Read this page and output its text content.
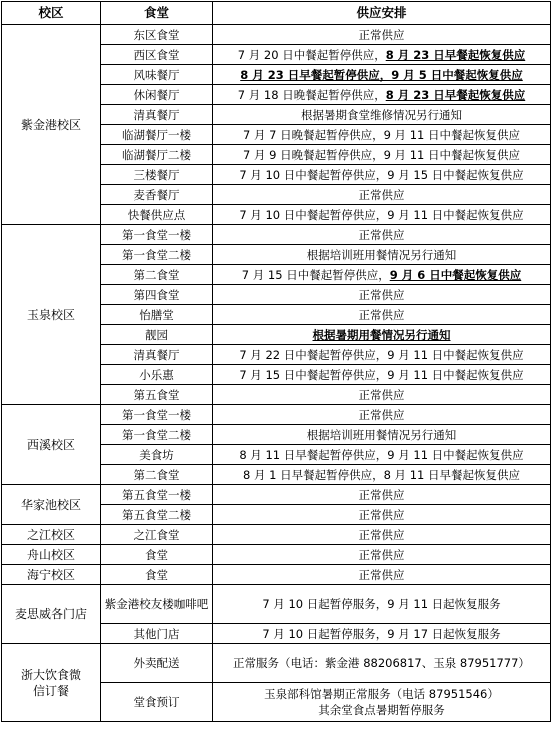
校区	食堂	供应安排
紫金港校区	东区食堂	正常供应
	西区食堂	7 月 20 日中餐起暂停供应，8 月 23 日早餐起恢复供应
	风味餐厅	8 月 23 日早餐起暂停供应，9 月 5 日中餐起恢复供应
	休闲餐厅	7 月 18 日晚餐起暂停供应，8 月 23 日早餐起恢复供应
	清真餐厅	根据暑期食堂维修情况另行通知
	临湖餐厅一楼	7 月 7 日晚餐起暂停供应，9 月 11 日中餐起恢复供应
	临湖餐厅二楼	7 月 9 日晚餐起暂停供应，9 月 11 日中餐起恢复供应
	三楼餐厅	7 月 10 日中餐起暂停供应，9 月 15 日中餐起恢复供应
	麦香餐厅	正常供应
	快餐供应点	7 月 10 日中餐起暂停供应，9 月 11 日中餐起恢复供应
玉泉校区	第一食堂一楼	正常供应
	第一食堂二楼	根据培训班用餐情况另行通知
	第二食堂	7 月 15 日中餐起暂停供应，9 月 6 日中餐起恢复供应
	第四食堂	正常供应
	怡膳堂	正常供应
	靓园	根据暑期用餐情况另行通知
	清真餐厅	7 月 22 日中餐起暂停供应，9 月 11 日中餐起恢复供应
	小乐惠	7 月 15 日中餐起暂停供应，9 月 11 日中餐起恢复供应
	第五食堂	正常供应
西溪校区	第一食堂一楼	正常供应
	第一食堂二楼	根据培训班用餐情况另行通知
	美食坊	8 月 11 日早餐起暂停供应，9 月 11 日中餐起恢复供应
	第二食堂	8 月 1 日早餐起暂停供应，8 月 11 日早餐起恢复供应
华家池校区	第五食堂一楼	正常供应
	第五食堂二楼	正常供应
之江校区	之江食堂	正常供应
舟山校区	食堂	正常供应
海宁校区	食堂	正常供应
麦思威各门店	紫金港校友楼咖啡吧	7 月 10 日起暂停服务，9 月 11 日起恢复服务
	其他门店	7 月 10 日起暂停服务，9 月 17 日起恢复服务
浙大饮食微信订餐	外卖配送	正常服务（电话：紫金港 88206817、玉泉 87951777）
	堂食预订	玉泉部科馆暑期正常服务（电话 87951546）
其余堂食点暑期暂停服务
